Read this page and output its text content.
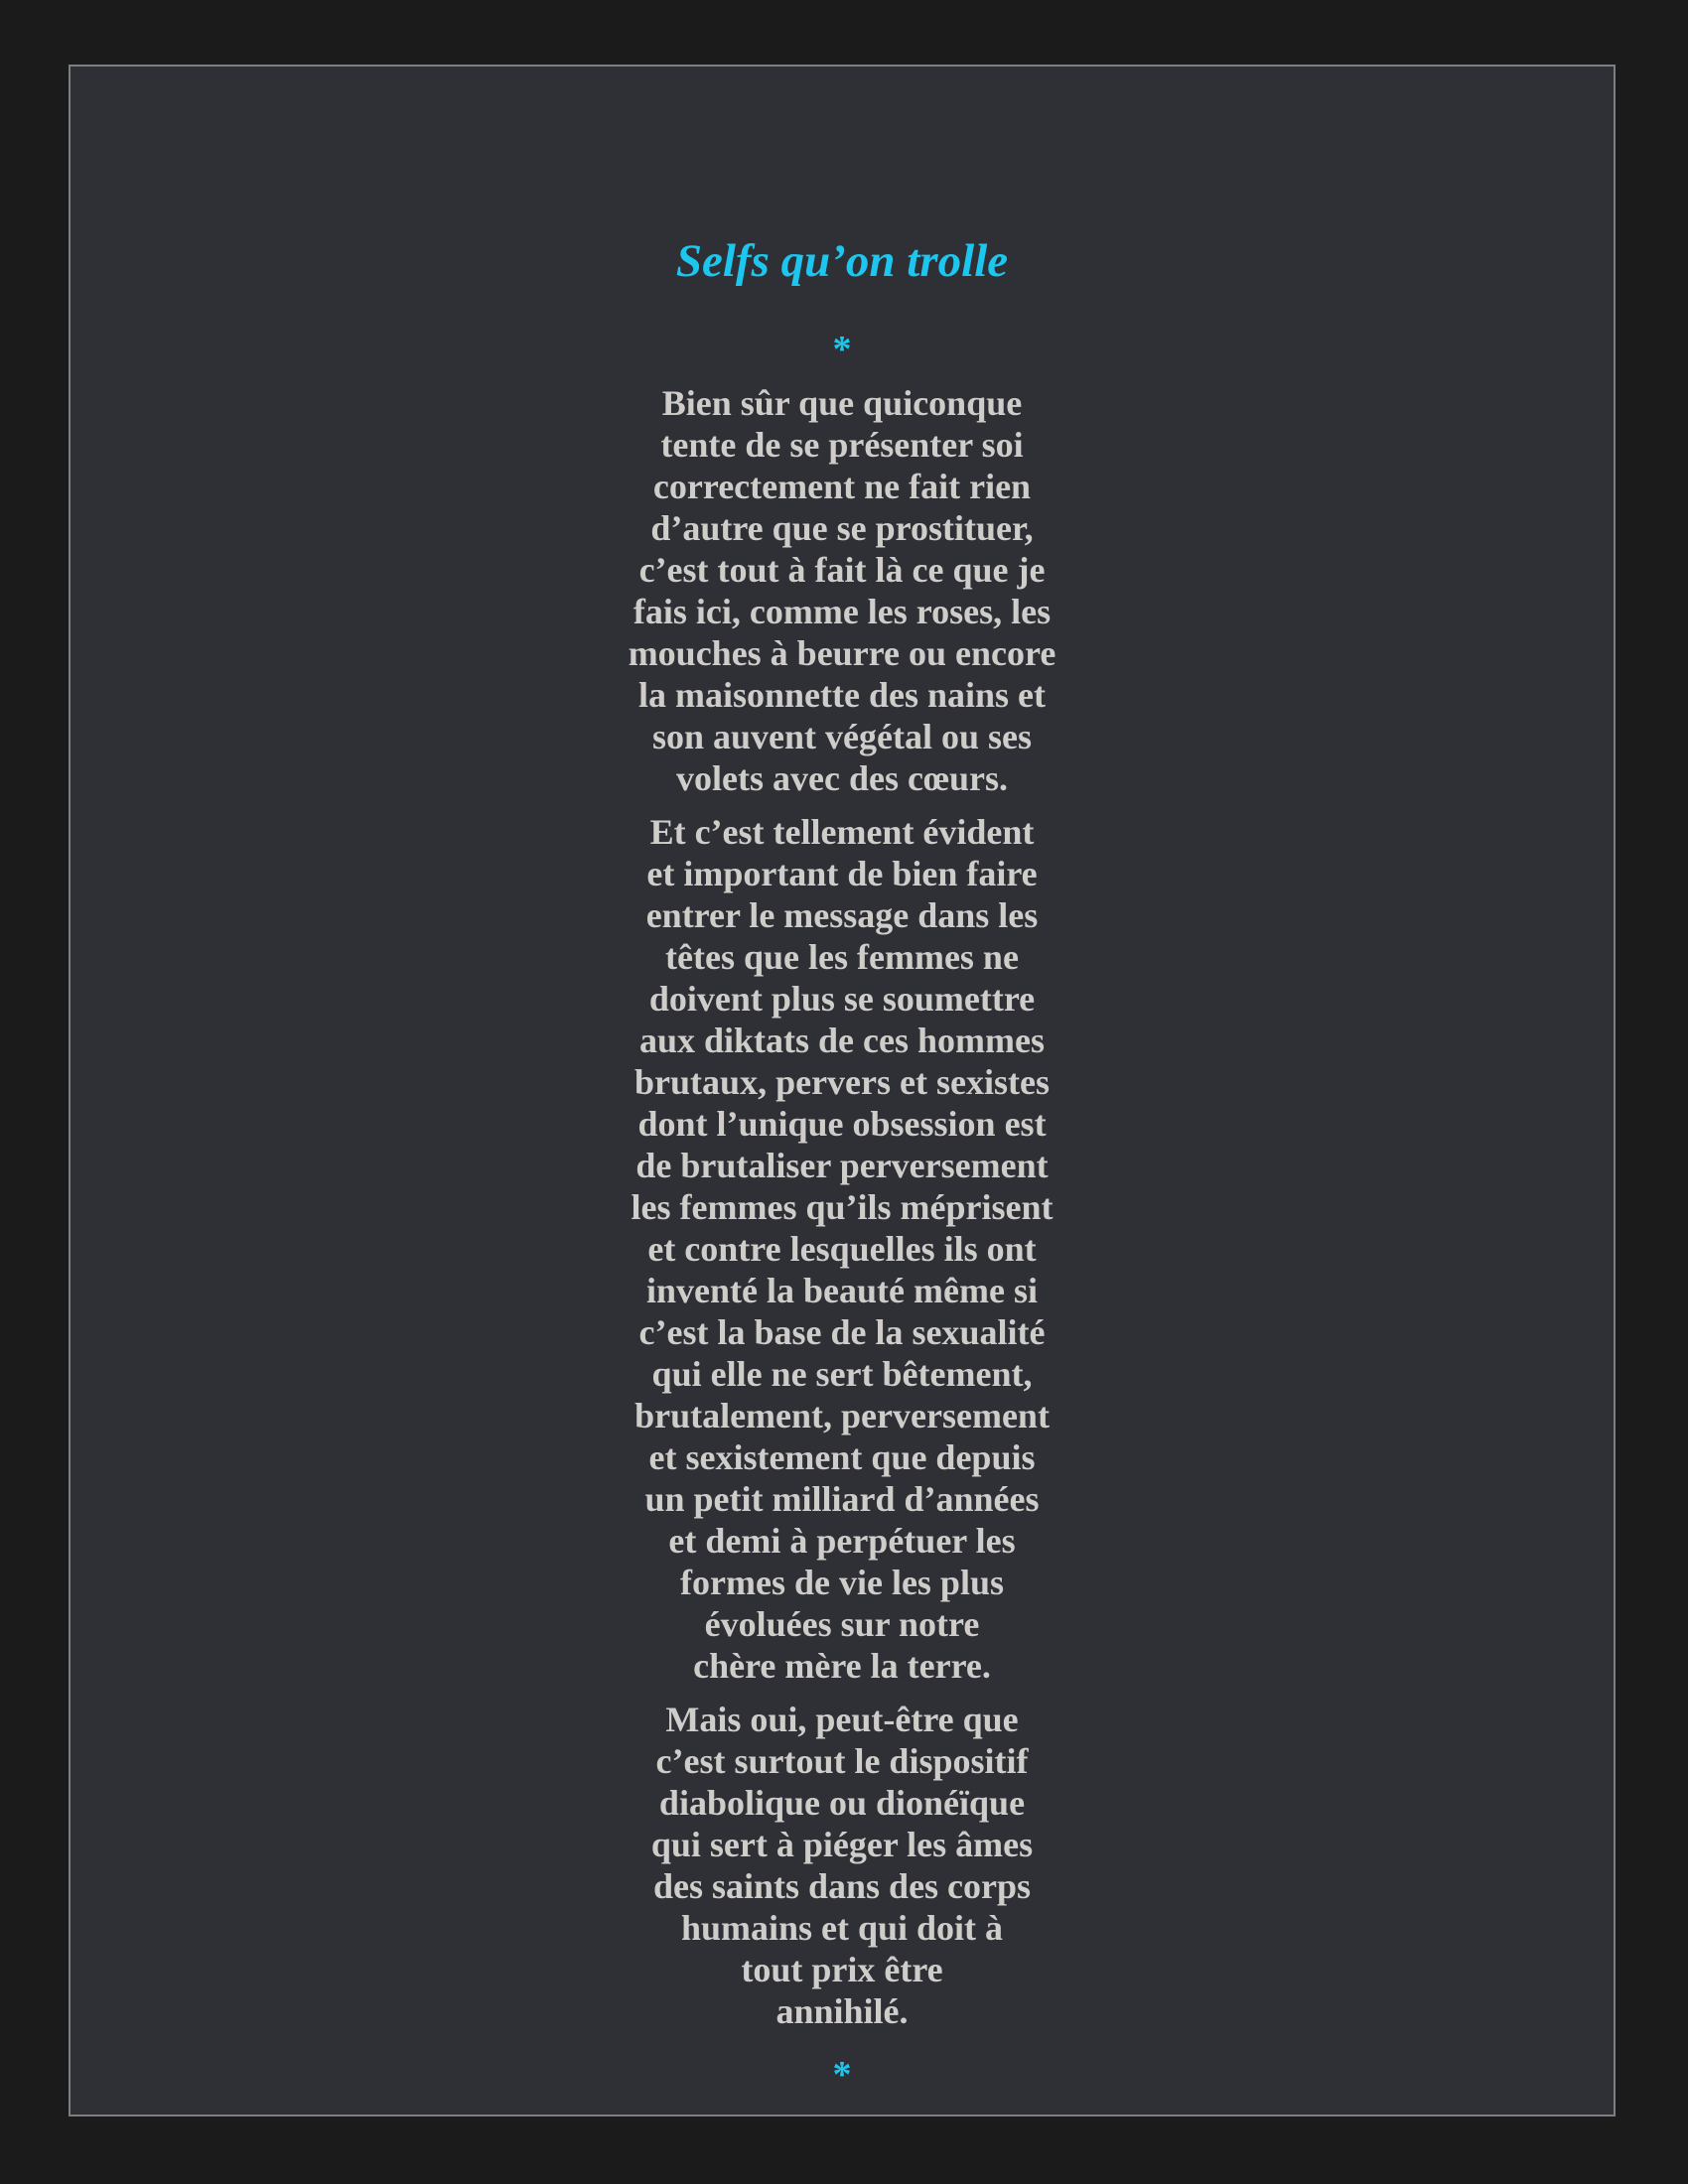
Selfs qu’on trolle
*
Bien sûr que quiconque
tente de se présenter soi
correctement ne fait rien
d’autre que se prostituer,
c’est tout à fait là ce que je
fais ici, comme les roses, les
mouches à beurre ou encore
la maisonnette des nains et
son auvent végétal ou ses
volets avec des cœurs.
Et c’est tellement évident
et important de bien faire
entrer le message dans les
têtes que les femmes ne
doivent plus se soumettre
aux diktats de ces hommes
brutaux, pervers et sexistes
dont l’unique obsession est
de brutaliser perversement
les femmes qu’ils méprisent
et contre lesquelles ils ont
inventé la beauté même si
c’est la base de la sexualité
qui elle ne sert bêtement,
brutalement, perversement
et sexistement que depuis
un petit milliard d’années
et demi à perpétuer les
formes de vie les plus
évoluées sur notre
chère mère la terre.
Mais oui, peut-être que
c’est surtout le dispositif
diabolique ou dionéïque
qui sert à piéger les âmes
des saints dans des corps
humains et qui doit à
tout prix être
annihilé.
*
